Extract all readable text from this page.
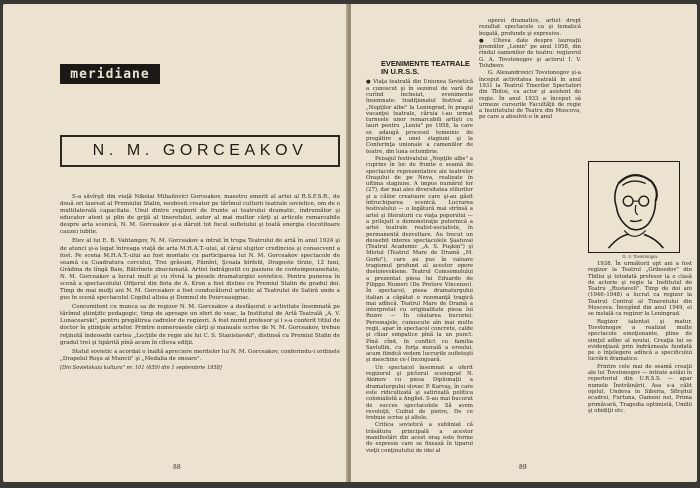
meridiane
N. M. GORCEAKOV

S-a săvîrşit din viaţă Nikolai Mihailovici Gorceakov, maestru emerit al artei al R.S.F.S.R., de două ori laureat al Premiului Stalin, neobosit creator pe tărîmul culturii teatrale sovietice, om de o multilaterală capacitate. Unul dintre regizorii de frunte ai teatrului dramatic, îndrumător şi educator atent şi plin de grijă al tineretului, autor al mai multor cărţi şi articole remarcabile despre arta scenică, N. M. Gorceakov şi-a dăruit tot focul sufletului şi toată energia clocotitoare cauzei iubite.

Elev al lui E. B. Vahtangov, N. M. Gorceakov a intrat în trupa Teatrului de artă în anul 1924 şi de atunci şi-a legat întreaga viaţă de arta M.H.A.T.-ului, al cărui slujitor credincios şi consecvent a fost. Pe scena M.H.A.T.-ului au fost montate cu participarea lui N. M. Gorceakov spectacole de seamă ca Cuadratura cercului, Trei grăsuni, Pămînt, Şcoala bîrfelii, Dragoste tîrzie, 12 luni, Grădina de lîngă Baie, Bătrînete zbuciumată. Artist îndrăgostit cu pasiune de contemporaneitate, N. M. Gorceakov a lucrat mult şi cu rîvnă la piesele dramaturgiei sovietice. Pentru punerea în scenă a spectacolului Ofiţerul din flota de A. Kron a fost distins cu Premiul Stalin de gradul doi. Timp de mai mulţi ani N. M. Gorceakov a fost conducătorul artistic al Teatrului de Satiră unde a pus în scenă spectacolul Copilul altuia şi Domnul de Pourceaugnac.

Concomitent cu munca sa de regizor N. M. Gorceakov a desfăşurat o activitate însemnată pe tărîmul ştiinţific pedagogic, timp de aproape un sfert de veac, la Institutul de Artă Teatrală „A. V. Lunacearski", pentru pregătirea cadrelor de regizori. A fost numit profesor şi i s-a conferit titlul de doctor în ştiinţele artelor. Printre numeroasele cărţi şi manuale scrise de N. M. Gorceakov, trebue reţinută îndeosebi cartea „Lecţiile de regie ale lui C. S. Stanislavski", distinsă cu Premiul Stalin de gradul trei şi tipărită pînă acum în cîteva ediţii.

Statul sovietic a acordat o înaltă apreciere meritelor lui N. M. Gorceakov, conferindu-i ordinele „Drapelul Roşu al Muncii" şi „Medalia de onoare".

[Din Sovietskaia kultura" nr. 101 (659) din 1 septembrie 1958]

88
EVENIMENTE TEATRALE
IN U.R.S.S.

● Viaţa teatrală din Uniunea Sovietică a cunoscut şi în sezonul de vară de curînd încheiat, evenimente însemnate: tradiţionalul festival al „Nopţilor albe" la Leningrad, în pragul vacanţei teatrale, căruia i-au urmat turneele unor remarcabili artişti cu lauri pentru „Leniu" pe 1958, la care se adaugă procesul temeinic de pregătire a unei stagiuni şi la Conferinţa unionale a cameniilor de teatre, din luna octombrie.

Peisajul festivalului „Nopţile albe" a cuprins în loc de frunte o seamă de spectacole reprezentative ale teatrelor Oraşului de pe Neva, realizate în ultima stagiune. A impus numărul lor (27), dar mai ales diversitatea stilurilor şi a căilor creatoare care şi-au găsit întruchiparea scenică. Lucrarea festivalului — o legătură mai strînsă a artei şi literaturii cu viaţa poporului — a prilejuit o demonstraţie puternică a artei teatrale realist-socialiste, în permanentă dezvoltare. Au trecut un deosebit interes spectacolele Şaatuval (Teatrul Academic „A. S. Puşkin") şi Idiotul (Teatrul Mare de Dramă „M. Gorki"), care au pus în valoare tragismul profund al acestor opere dostoievskiene. Teatrul Comsomolului a prezentat piesa lui Eduardo de Filippo Numeri (De Pretore Vincenzo). În spectacol, piesa dramaturgului italian a căpătat o rezonanţă tragică mai adîncă. Teatrul Mare de Dramă a interpretat cu originalitate piesa lui Rozov — În căutarea bucuriei. Personajele, cunoscute aîn mai multe regii, apar în spectacol concrete, calde şi chiar simpatice pînă la un punct. Pînă cînd, în conflict cu familia Savlullin, cu forţa morală a eroului, acum fiindcă vedem lucrurile sufleteşti şi meschine ce-l înconjoară.

Un spectacol însemnat a oferit regizorul şi pictorul scenograf N. Akimov cu piesa Diplomaţii a dramaturgului slovac P. Karvaş, în care este ridiculizată şi satirizată politica colonialistă a Angliei. S-au mai bucurat de succes spectacolele Să avem revoluţii, Cuibul de pietre, De ce trebuie scrise şi altele.

Critica sovietică a subliniat că trăsătura principală a acestor manifestări din acest oraş este forme de expresie care se fixează în tiparul vieţii conţinutului de idei al

operei dramatice, artist drept rezultat spectacole ca şi tematică bogată, profunde şi expresive.

● Cîteva date despre laureaţii premiilor „Lenin" pe anul 1958, din rîndul oamenilor de teatru: regizorul G. A. Tovstonogov şi actorul I. V. Tolubeev.

G. Alexandrovici Tovstonogov şi-a început activitatea teatrală în anul 1931 la Teatrul Tinerilor Spectatori din Tbilisi, ca actor şi asistent de regie. În anul 1933 a început să urmeze cursurile Facultăţii de regie a Institutului de Teatru din Moscova, pe care a absolvit-o în anul

G. V. Tovstonogov

1938. În următorii opt ani a fost regizor la Teatrul „Griboedov" din Tbilisi şi totodată profesor la o clasă de actorie şi regie la Institutul de Teatru „Rustaveli". Timp de doi ani (1946–1948) a lucrat ca regizor la Teatrul Central al Tineretului din Moscova. Începînd din anul 1949, el se instală ca regizor la Leningrad.

Regizor talentat şi matur, Tovstonogov a realizat multe spectacole emoţionante, pline de simţul adînc al noului. Creaţia lui se evidenţiază prin îndrăzneala fundată pe o înţelegere adîncă a specificului lucrării dramatice.

Printre cele mai de seamă creaţii ale lui Tovstonogov — intrate astăzi în repertoriul din U.R.S.S. — apar numele Înstrăinării, Asa s-a călit oţelul, Undeva în Siberia, Sfîrşitul ecadrei, Furtuna, Oameni noi, Prima primăvară, Tragedia optimistă, Umilii şi obidiţii etc.

89
